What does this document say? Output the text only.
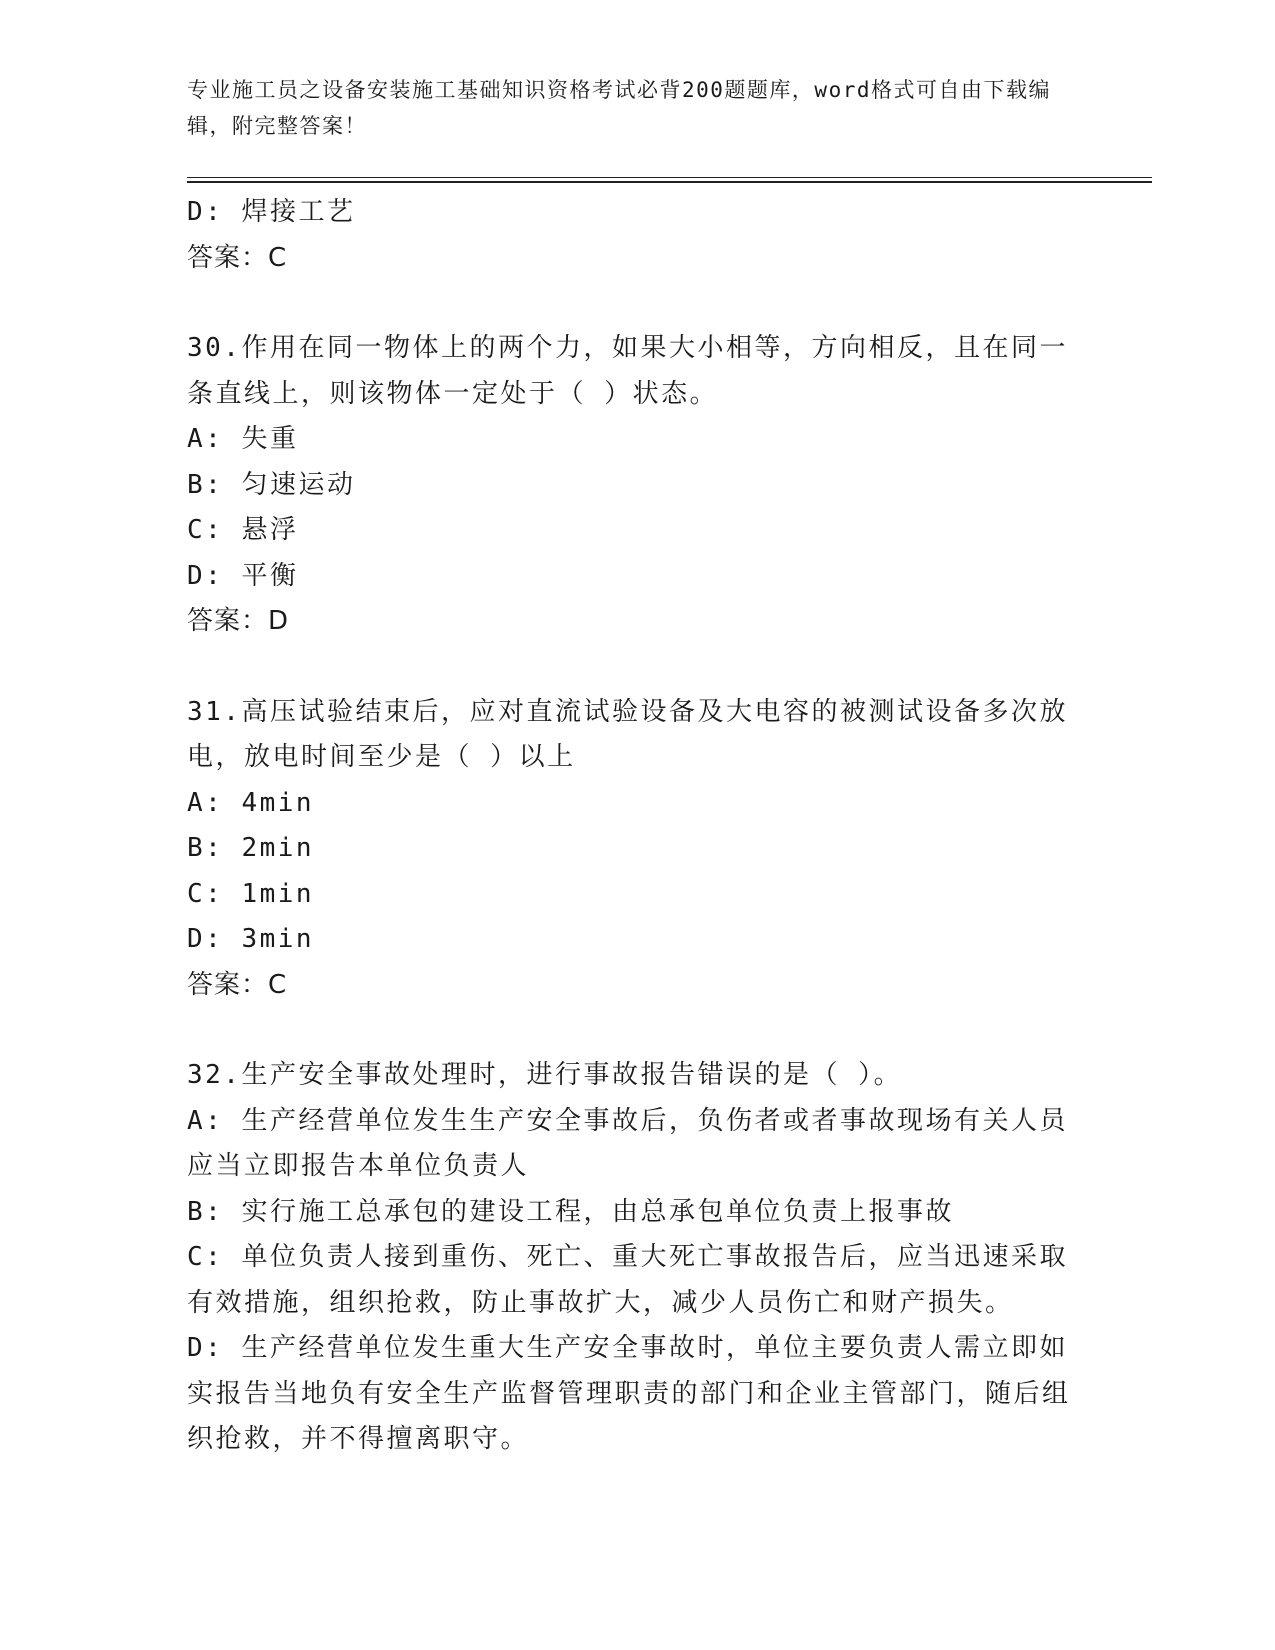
专业施工员之设备安装施工基础知识资格考试必背200题题库，word格式可自由下载编辑，附完整答案！

D: 焊接工艺

答案：C

30.作用在同一物体上的两个力，如果大小相等，方向相反，且在同一条直线上，则该物体一定处于（ ）状态。

A: 失重

B: 匀速运动

C: 悬浮

D: 平衡

答案：D

31.高压试验结束后，应对直流试验设备及大电容的被测试设备多次放电，放电时间至少是（ ）以上

A: 4min

B: 2min

C: 1min

D: 3min

答案：C

32.生产安全事故处理时，进行事故报告错误的是（ ）。

A: 生产经营单位发生生产安全事故后，负伤者或者事故现场有关人员应当立即报告本单位负责人

B: 实行施工总承包的建设工程，由总承包单位负责上报事故

C: 单位负责人接到重伤、死亡、重大死亡事故报告后，应当迅速采取有效措施，组织抢救，防止事故扩大，减少人员伤亡和财产损失。

D: 生产经营单位发生重大生产安全事故时，单位主要负责人需立即如实报告当地负有安全生产监督管理职责的部门和企业主管部门，随后组织抢救，并不得擅离职守。
